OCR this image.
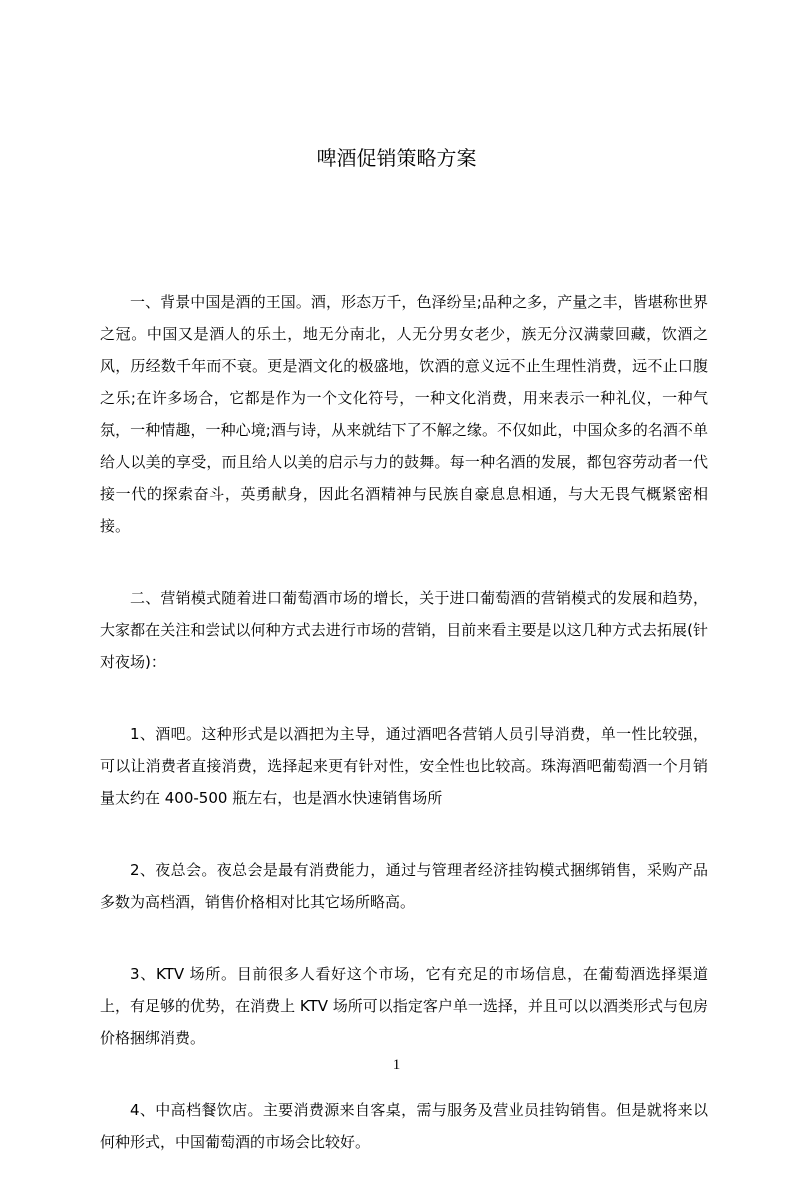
啤酒促销策略方案

一、背景中国是酒的王国。酒，形态万千，色泽纷呈;品种之多，产量之丰，皆堪称世界之冠。中国又是酒人的乐土，地无分南北，人无分男女老少，族无分汉满蒙回藏，饮酒之风，历经数千年而不衰。更是酒文化的极盛地，饮酒的意义远不止生理性消费，远不止口腹之乐;在许多场合，它都是作为一个文化符号，一种文化消费，用来表示一种礼仪，一种气氛，一种情趣，一种心境;酒与诗，从来就结下了不解之缘。不仅如此，中国众多的名酒不单给人以美的享受，而且给人以美的启示与力的鼓舞。每一种名酒的发展，都包容劳动者一代接一代的探索奋斗，英勇献身，因此名酒精神与民族自豪息息相通，与大无畏气概紧密相接。

二、营销模式随着进口葡萄酒市场的增长，关于进口葡萄酒的营销模式的发展和趋势，大家都在关注和尝试以何种方式去进行市场的营销，目前来看主要是以这几种方式去拓展(针对夜场)：

1、酒吧。这种形式是以酒把为主导，通过酒吧各营销人员引导消费，单一性比较强，可以让消费者直接消费，选择起来更有针对性，安全性也比较高。珠海酒吧葡萄酒一个月销量太约在 400-500 瓶左右，也是酒水快速销售场所

2、夜总会。夜总会是最有消费能力，通过与管理者经济挂钩模式捆绑销售，采购产品多数为高档酒，销售价格相对比其它场所略高。

3、KTV 场所。目前很多人看好这个市场，它有充足的市场信息，在葡萄酒选择渠道上，有足够的优势，在消费上 KTV 场所可以指定客户单一选择，并且可以以酒类形式与包房价格捆绑消费。

4、中高档餐饮店。主要消费源来自客桌，需与服务及营业员挂钩销售。但是就将来以何种形式，中国葡萄酒的市场会比较好。

1
